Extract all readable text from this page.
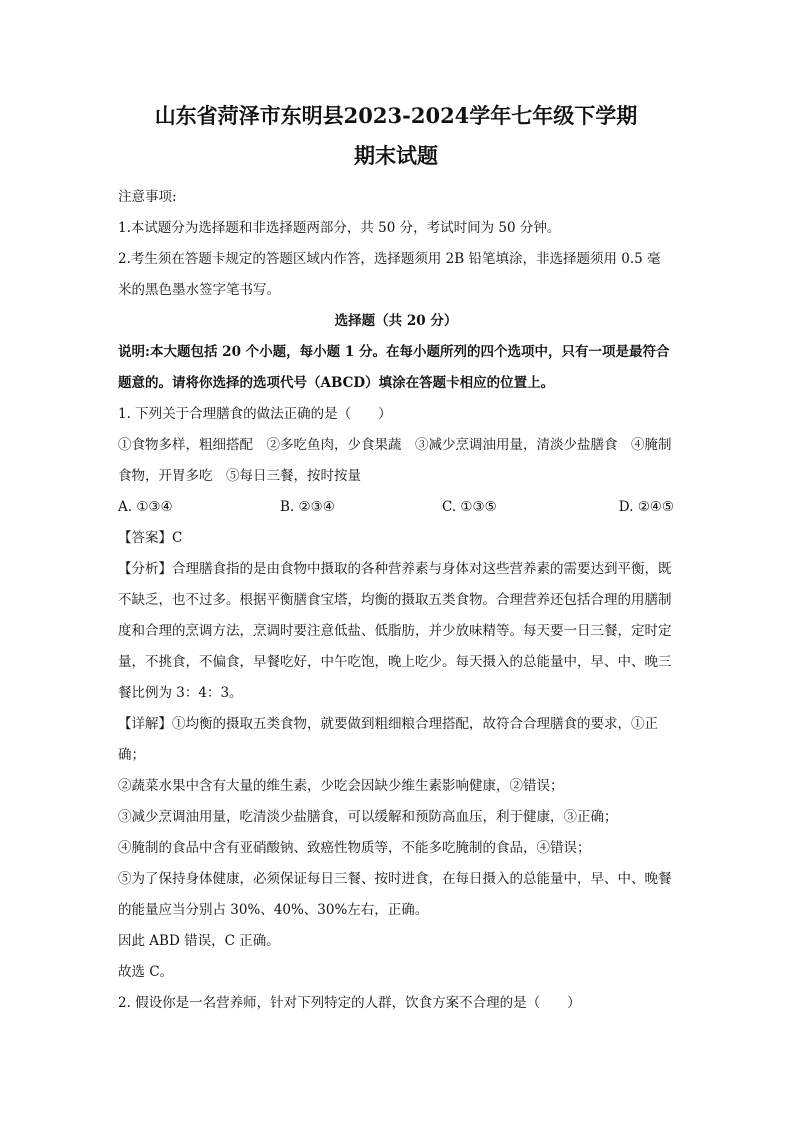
山东省菏泽市东明县2023-2024学年七年级下学期
期末试题

注意事项:

1.本试题分为选择题和非选择题两部分，共 50 分，考试时间为 50 分钟。

2.考生须在答题卡规定的答题区域内作答，选择题须用 2B 铅笔填涂，非选择题须用 0.5 毫米的黑色墨水签字笔书写。

选择题（共 20 分）

说明:本大题包括 20 个小题，每小题 1 分。在每小题所列的四个选项中，只有一项是最符合题意的。请将你选择的选项代号（ABCD）填涂在答题卡相应的位置上。

1. 下列关于合理膳食的做法正确的是（　　）

①食物多样，粗细搭配　②多吃鱼肉，少食果蔬　③减少烹调油用量，清淡少盐膳食　④腌制食物，开胃多吃　⑤每日三餐，按时按量

A. ①③④	B. ②③④	C. ①③⑤	D. ②④⑤

【答案】C

【分析】合理膳食指的是由食物中摄取的各种营养素与身体对这些营养素的需要达到平衡，既不缺乏，也不过多。根据平衡膳食宝塔，均衡的摄取五类食物。合理营养还包括合理的用膳制度和合理的烹调方法，烹调时要注意低盐、低脂肪，并少放味精等。每天要一日三餐，定时定量，不挑食，不偏食，早餐吃好，中午吃饱，晚上吃少。每天摄入的总能量中，早、中、晚三餐比例为 3：4：3。

【详解】①均衡的摄取五类食物，就要做到粗细粮合理搭配，故符合合理膳食的要求，①正确；

②蔬菜水果中含有大量的维生素，少吃会因缺少维生素影响健康，②错误；

③减少烹调油用量，吃清淡少盐膳食，可以缓解和预防高血压，利于健康，③正确；

④腌制的食品中含有亚硝酸钠、致癌性物质等，不能多吃腌制的食品，④错误；

⑤为了保持身体健康，必须保证每日三餐、按时进食，在每日摄入的总能量中，早、中、晚餐的能量应当分别占 30%、40%、30%左右，正确。

因此 ABD 错误，C 正确。

故选 C。

2. 假设你是一名营养师，针对下列特定的人群，饮食方案不合理的是（　　）
